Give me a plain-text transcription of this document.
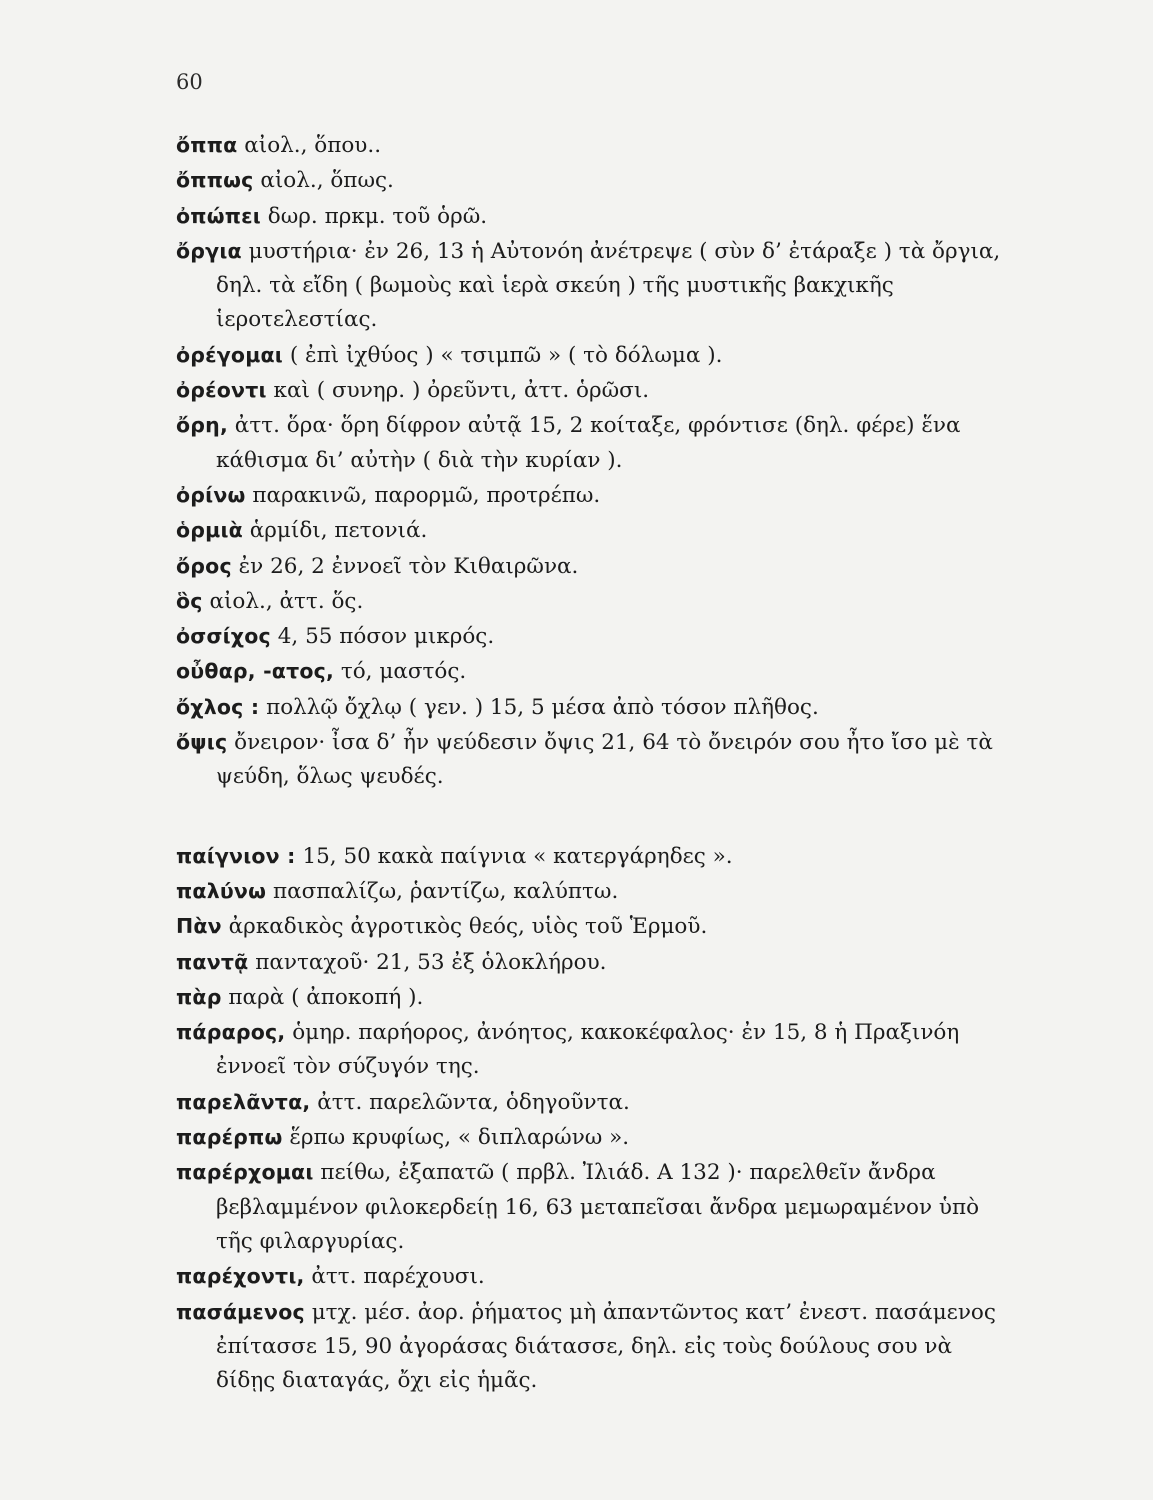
60
ὄππα αἰολ., ὅπου..
ὄππως αἰολ., ὅπως.
ὀπώπει δωρ. πρκμ. τοῦ ὁρῶ.
ὄργια μυστήρια· ἐν 26, 13 ἡ Αὐτονόη ἀνέτρεψε ( σὺν δ’ ἐτάραξε ) τὰ ὄργια, δηλ. τὰ εἴδη ( βωμοὺς καὶ ἱερὰ σκεύη ) τῆς μυστικῆς βακχικῆς ἱεροτελεστίας.
ὀρέγομαι ( ἐπὶ ἰχθύος ) « τσιμπῶ » ( τὸ δόλωμα ).
ὀρέοντι καὶ ( συνηρ. ) ὀρεῦντι, ἀττ. ὁρῶσι.
ὄρη, ἀττ. ὅρα· ὅρη δίφρον αὐτᾷ 15, 2 κοίταξε, φρόντισε (δηλ. φέρε) ἕνα κάθισμα δι’ αὐτὴν ( διὰ τὴν κυρίαν ).
ὀρίνω παρακινῶ, παρορμῶ, προτρέπω.
ὁρμιὰ ἁρμίδι, πετονιά.
ὄρος ἐν 26, 2 ἐννοεῖ τὸν Κιθαιρῶνα.
ὃς αἰολ., ἀττ. ὅς.
ὀσσίχος 4, 55 πόσον μικρός.
οὖθαρ, -ατος, τό, μαστός.
ὄχλος : πολλῷ ὄχλῳ ( γεν. ) 15, 5 μέσα ἀπὸ τόσον πλῆθος.
ὄψις ὄνειρον· ἶσα δ’ ἦν ψεύδεσιν ὄψις 21, 64 τὸ ὄνειρόν σου ἦτο ἴσο μὲ τὰ ψεύδη, ὅλως ψευδές.
παίγνιον : 15, 50 κακὰ παίγνια « κατεργάρηδες ».
παλύνω πασπαλίζω, ῥαντίζω, καλύπτω.
Πὰν ἀρκαδικὸς ἀγροτικὸς θεός, υἱὸς τοῦ Ἑρμοῦ.
παντᾷ πανταχοῦ· 21, 53 ἐξ ὁλοκλήρου.
πὰρ παρὰ ( ἀποκοπή ).
πάραρος, ὁμηρ. παρήορος, ἀνόητος, κακοκέφαλος· ἐν 15, 8 ἡ Πραξινόη ἐννοεῖ τὸν σύζυγόν της.
παρελᾶντα, ἀττ. παρελῶντα, ὁδηγοῦντα.
παρέρπω ἕρπω κρυφίως, « διπλαρώνω ».
παρέρχομαι πείθω, ἐξαπατῶ ( πρβλ. Ἰλιάδ. Α 132 )· παρελθεῖν ἄνδρα βεβλαμμένον φιλοκερδείῃ 16, 63 μεταπεῖσαι ἄνδρα μεμωραμένον ὑπὸ τῆς φιλαργυρίας.
παρέχοντι, ἀττ. παρέχουσι.
πασάμενος μτχ. μέσ. ἀορ. ῥήματος μὴ ἀπαντῶντος κατ’ ἐνεστ. πασάμενος ἐπίτασσε 15, 90 ἀγοράσας διάτασσε, δηλ. εἰς τοὺς δούλους σου νὰ δίδῃς διαταγάς, ὄχι εἰς ἡμᾶς.
